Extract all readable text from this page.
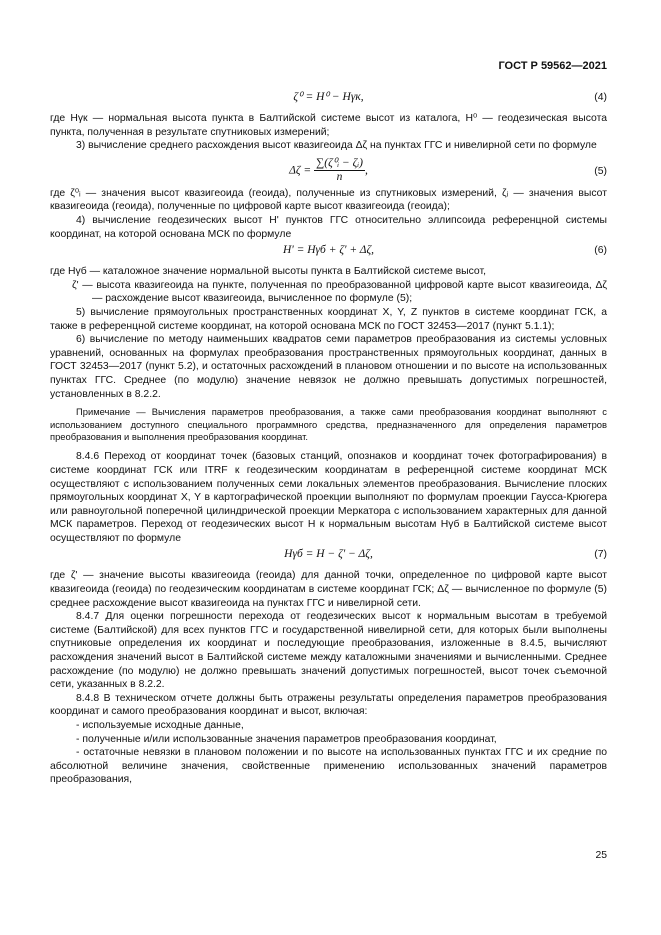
ГОСТ Р 59562—2021
ζ⁰ = H⁰ − Hγк,	(4)

где Hγк — нормальная высота пункта в Балтийской системе высот из каталога, H⁰ — геодезическая высота пункта, полученная в результате спутниковых измерений;

3) вычисление среднего расхождения высот квазигеоида Δζ на пунктах ГГС и нивелирной сети по формуле

$\Delta\zeta = \frac{\text{∑(ζ⁰ᵢ − ζᵢ)}}{n}$ ,	(5)

где ζ⁰ᵢ — значения высот квазигеоида (геоида), полученные из спутниковых измерений, ζᵢ — значения высот квазигеоида (геоида), полученные по цифровой карте высот квазигеоида (геоида);

4) вычисление геодезических высот H' пунктов ГГС относительно эллипсоида референцной системы координат, на которой основана МСК по формуле

H' = Hγб + ζ' + Δζ,	(6)

где Hγб — каталожное значение нормальной высоты пункта в Балтийской системе высот,

ζ' — высота квазигеоида на пункте, полученная по преобразованной цифровой карте высот квазигеоида, Δζ — расхождение высот квазигеоида, вычисленное по формуле (5);

5) вычисление прямоугольных пространственных координат X, Y, Z пунктов в системе координат ГСК, а также в референцной системе координат, на которой основана МСК по ГОСТ 32453—2017 (пункт 5.1.1);

6) вычисление по методу наименьших квадратов семи параметров преобразования из системы условных уравнений, основанных на формулах преобразования пространственных прямоугольных координат, данных в ГОСТ 32453—2017 (пункт 5.2), и остаточных расхождений в плановом отношении и по высоте на использованных пунктах ГГС. Среднее (по модулю) значение невязок не должно превышать допустимых погрешностей, установленных в 8.2.2.

Примечание — Вычисления параметров преобразования, а также сами преобразования координат выполняют с использованием доступного специального программного средства, предназначенного для определения параметров преобразования и выполнения преобразования координат.

8.4.6 Переход от координат точек (базовых станций, опознаков и координат точек фотографирования) в системе координат ГСК или ITRF к геодезическим координатам в референцной системе координат МСК осуществляют с использованием полученных семи локальных элементов преобразования. Вычисление плоских прямоугольных координат X, Y в картографической проекции выполняют по формулам проекции Гаусса-Крюгера или равноугольной поперечной цилиндрической проекции Меркатора с использованием характерных для данной МСК параметров. Переход от геодезических высот H к нормальным высотам Hγб в Балтийской системе высот осуществляют по формуле

Hγб = H − ζ' − Δζ,	(7)

где ζ' — значение высоты квазигеоида (геоида) для данной точки, определенное по цифровой карте высот квазигеоида (геоида) по геодезическим координатам в системе координат ГСК; Δζ — вычисленное по формуле (5) среднее расхождение высот квазигеоида на пунктах ГГС и нивелирной сети.

8.4.7 Для оценки погрешности перехода от геодезических высот к нормальным высотам в требуемой системе (Балтийской) для всех пунктов ГГС и государственной нивелирной сети, для которых были выполнены спутниковые определения их координат и последующие преобразования, изложенные в 8.4.5, вычисляют расхождения значений высот в Балтийской системе между каталожными значениями и вычисленными. Среднее расхождение (по модулю) не должно превышать значений допустимых погрешностей, высот точек съемочной сети, указанных в 8.2.2.

8.4.8 В техническом отчете должны быть отражены результаты определения параметров преобразования координат и самого преобразования координат и высот, включая:

- используемые исходные данные,

- полученные и/или использованные значения параметров преобразования координат,

- остаточные невязки в плановом положении и по высоте на использованных пунктах ГГС и их средние по абсолютной величине значения, свойственные применению использованных значений параметров преобразования,

25
